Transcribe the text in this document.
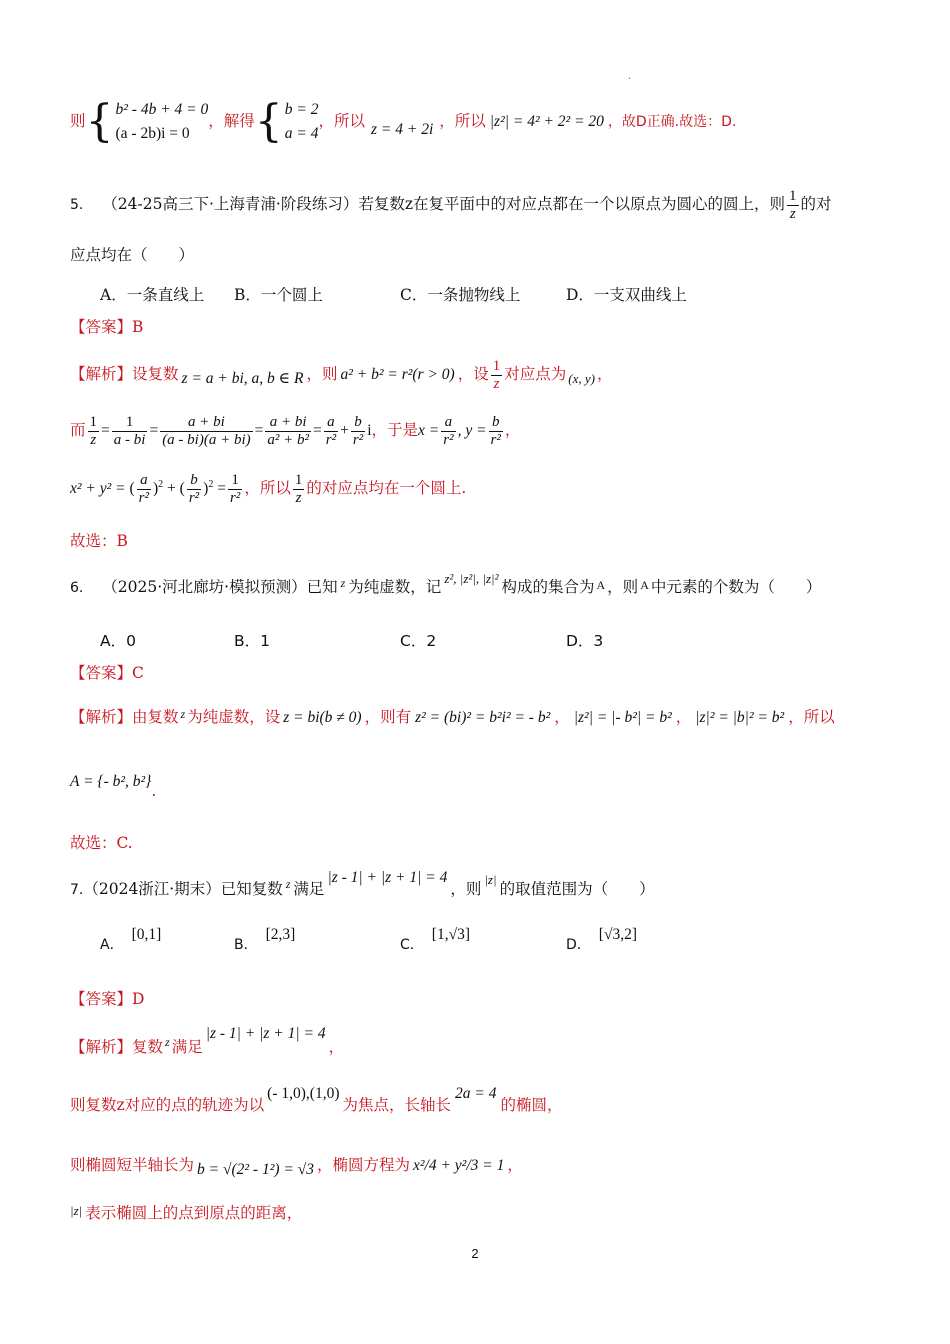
·
则{ b² - 4b + 4 = 0
(a - 2b)i = 0
，解得{ b = 2
a = 4
，所以 z = 4 + 2i ，所以 |z²| = 4² + 2² = 20 ，故D正确.故选：D.
5. （24-25高三下·上海青浦·阶段练习）若复数z在复平面中的对应点都在一个以原点为圆心的圆上，则 $\frac{1}{z}$ 的对
应点均在（　　）
A．一条直线上 B．一个圆上	C．一条抛物线上	D．一支双曲线上
【答案】B
【解析】设复数 z = a + bi, a, b ∈ R ，则 a² + b² = r²(r > 0) ，设 $\frac{1}{z}$ 对应点为 $_{(x, y)}$ ，
而 $\frac{1}{z} = \frac{1}{a - bi} = \frac{a + bi}{(a - bi)(a + bi)} = \frac{a + bi}{\text{a² + b²}} = \frac{a}{\text{r²}} + \frac{b}{\text{r²}}$ i，于是$x = \frac{a}{\text{r²}}$ , $y = \frac{b}{\text{r²}}$ ，
x² + y² = ( $\frac{a}{\text{r²}} )^2$ + ( $\frac{b}{\text{r²}} )^2 = \frac{1}{\text{r²}}$ ，所以 $\frac{1}{z}$ 的对应点均在一个圆上.
故选：B
6. （2025·河北廊坊·模拟预测）已知 $^z$ 为纯虚数，记 $^{z^2, |z^2|, |z|^2}$ 构成的集合为 A ，则 A 中元素的个数为（　　）
A．0	B．1	C．2	D．3
【答案】C
【解析】由复数 $^z$ 为纯虚数，设 z = bi(b ≠ 0) ，则有 z² = (bi)² = b²i² = - b² ， |z²| = |- b²| = b² ， |z|² = |b|² = b² ，所以
A = {- b², b²}.
故选：C.
7.（2024浙江·期末）已知复数 $^z$ 满足|z - 1| + |z + 1| = 4，则$^{|z|}$的取值范围为（　　）
A．[0,1]
B．[2,3]
C．[1,√3]
D．[√3,2]
【答案】D
【解析】复数 $^z$ 满足|z - 1| + |z + 1| = 4，
则复数z对应的点的轨迹为以(- 1,0),(1,0)为焦点，长轴长2a = 4的椭圆，
则椭圆短半轴长为 b = √(2² - 1²) = √3 ，椭圆方程为 x²/4 + y²/3 = 1 ，
|z| 表示椭圆上的点到原点的距离，
2
